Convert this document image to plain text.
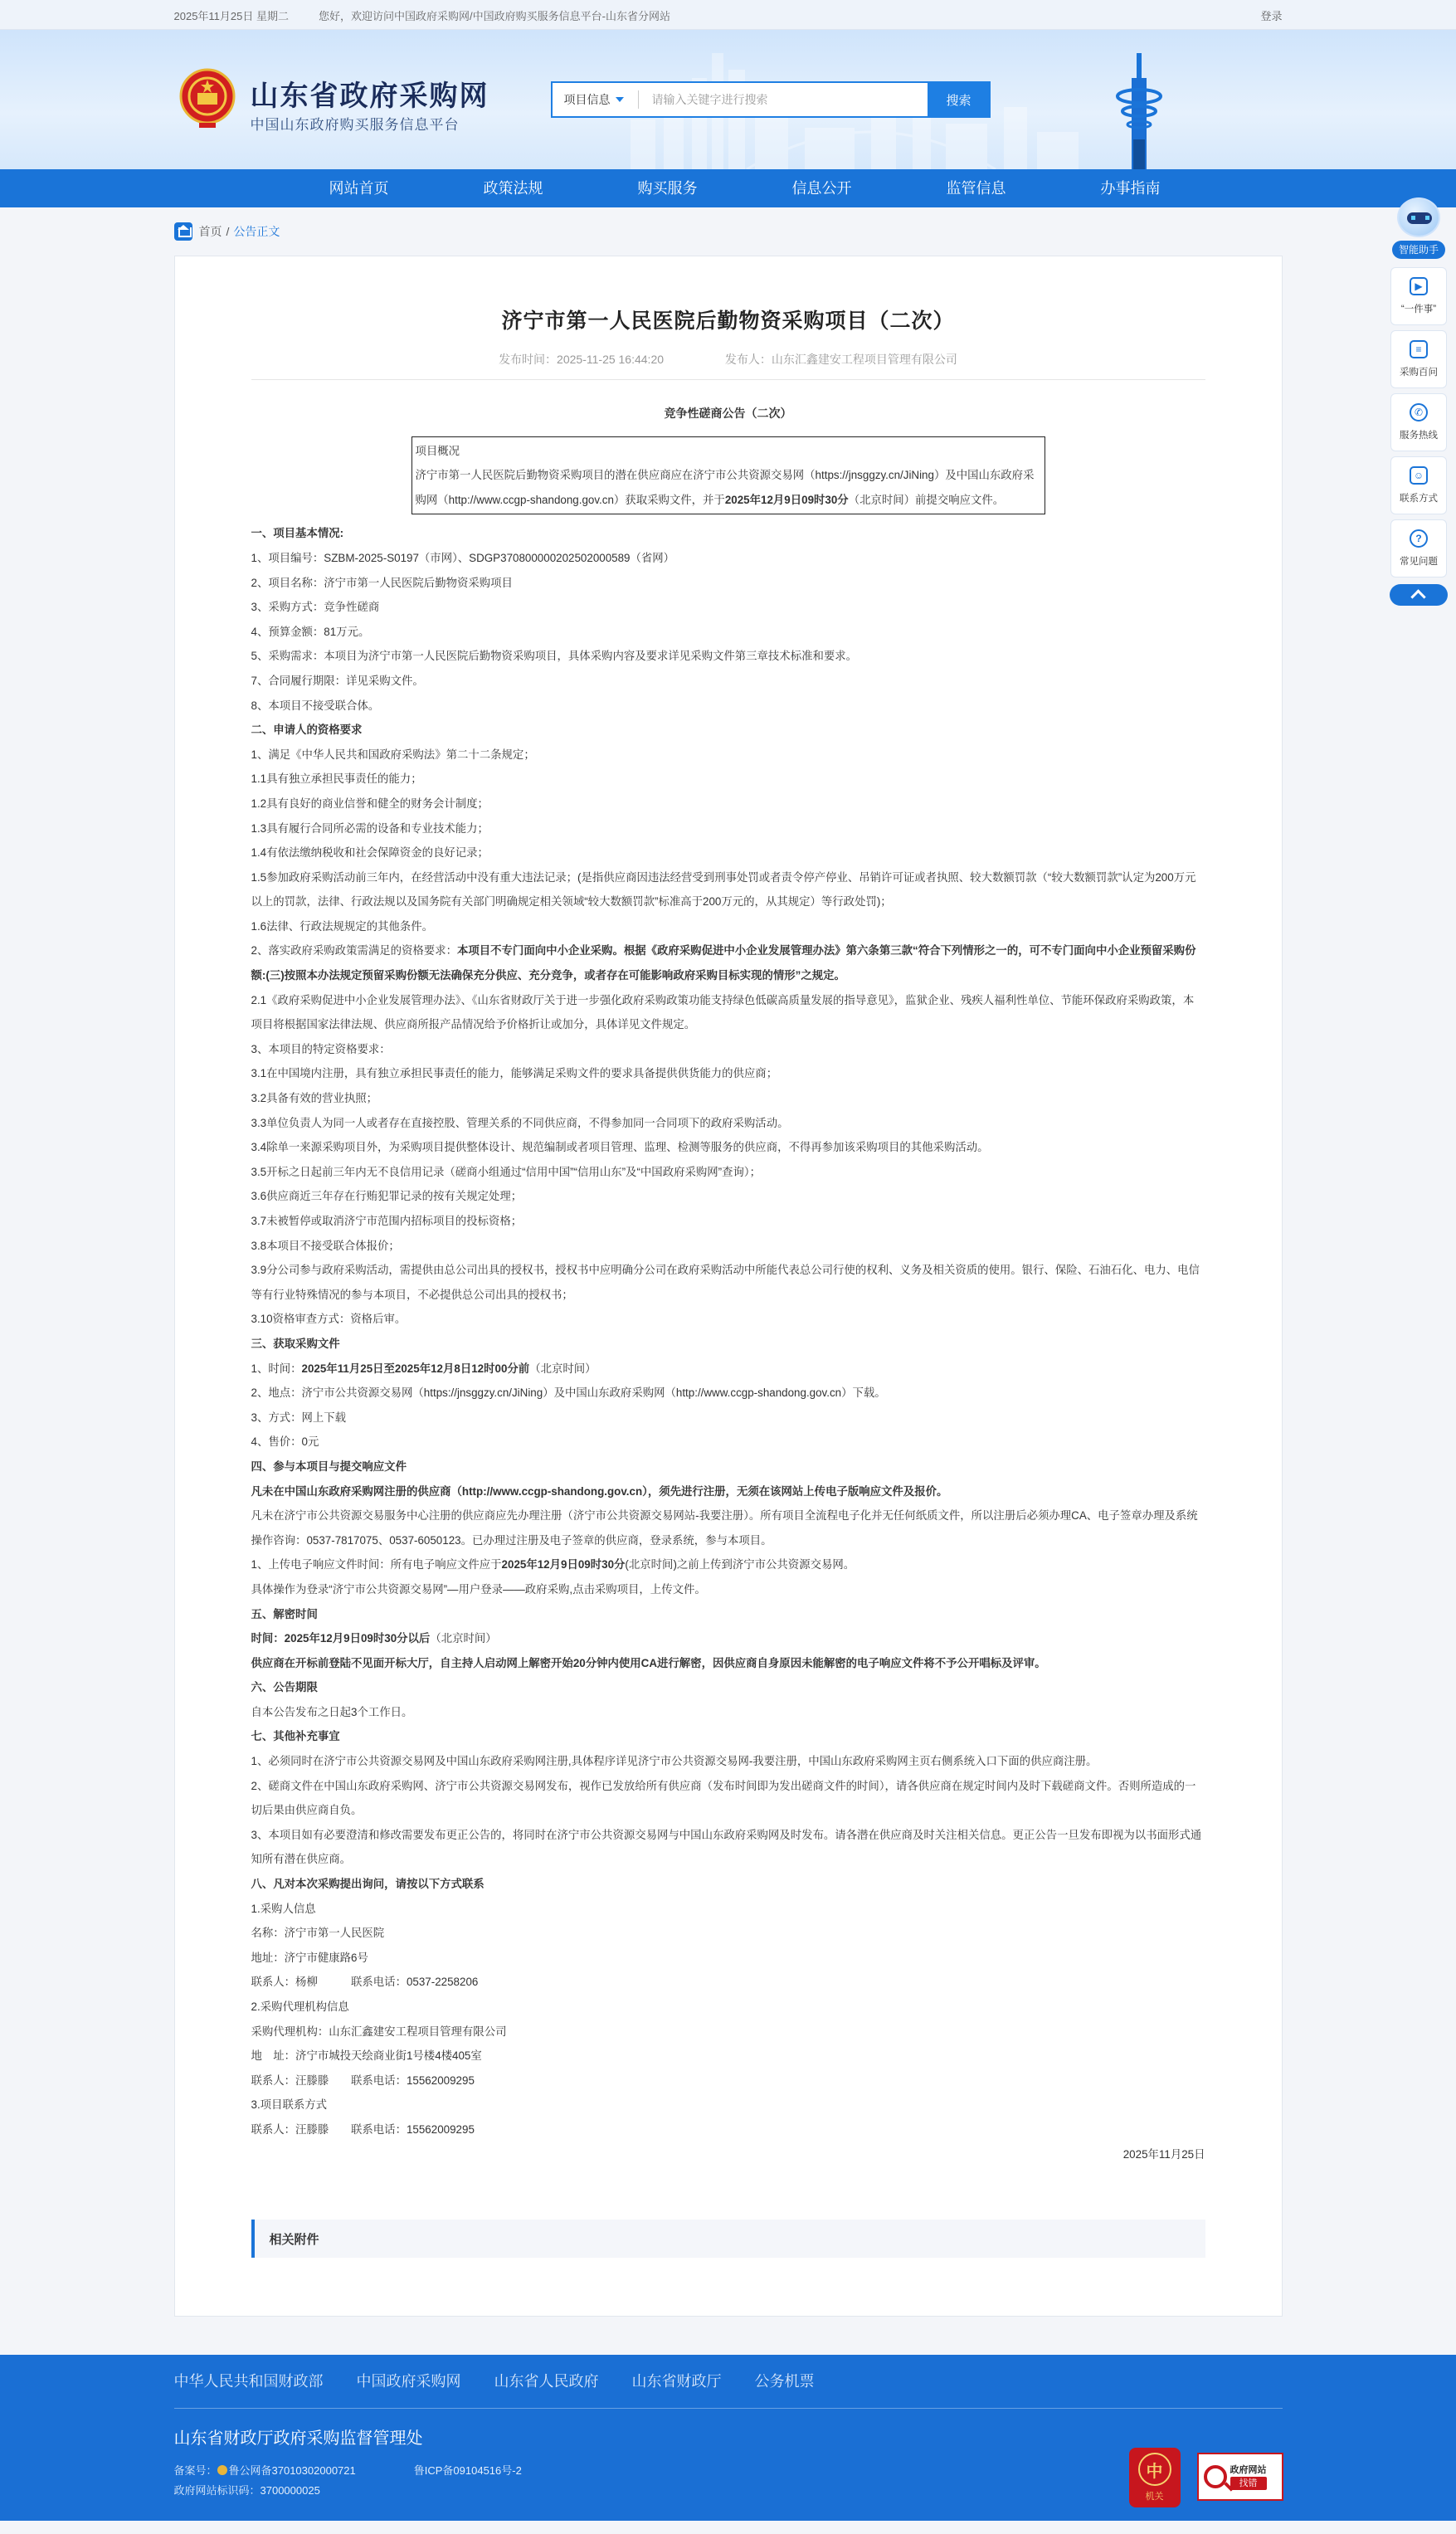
2025年11月25日 星期二	您好，欢迎访问中国政府采购网/中国政府购买服务信息平台-山东省分网站	登录
山东省政府采购网
中国山东政府购买服务信息平台
项目信息
请输入关键字进行搜索	搜索
网站首页	政策法规	购买服务	信息公开	监管信息	办事指南
首页 / 公告正文
济宁市第一人民医院后勤物资采购项目（二次）
发布时间：2025-11-25 16:44:20	发布人：山东汇鑫建安工程项目管理有限公司
竞争性磋商公告（二次）

项目概况

济宁市第一人民医院后勤物资采购项目的潜在供应商应在济宁市公共资源交易网（https://jnsggzy.cn/JiNing）及中国山东政府采购网（http://www.ccgp-shandong.gov.cn）获取采购文件，并于2025年12月9日09时30分（北京时间）前提交响应文件。

一、项目基本情况:

1、项目编号：SZBM-2025-S0197（市网）、SDGP370800000202502000589（省网）

2、项目名称：济宁市第一人民医院后勤物资采购项目

3、采购方式：竞争性磋商

4、预算金额：81万元。

5、采购需求：本项目为济宁市第一人民医院后勤物资采购项目，具体采购内容及要求详见采购文件第三章技术标准和要求。

7、合同履行期限：详见采购文件。

8、本项目不接受联合体。

二、申请人的资格要求

1、满足《中华人民共和国政府采购法》第二十二条规定；

1.1具有独立承担民事责任的能力；

1.2具有良好的商业信誉和健全的财务会计制度；

1.3具有履行合同所必需的设备和专业技术能力；

1.4有依法缴纳税收和社会保障资金的良好记录；

1.5参加政府采购活动前三年内，在经营活动中没有重大违法记录；(是指供应商因违法经营受到刑事处罚或者责令停产停业、吊销许可证或者执照、较大数额罚款（“较大数额罚款”认定为200万元以上的罚款，法律、行政法规以及国务院有关部门明确规定相关领域“较大数额罚款”标准高于200万元的，从其规定）等行政处罚)；

1.6法律、行政法规规定的其他条件。

2、落实政府采购政策需满足的资格要求：本项目不专门面向中小企业采购。根据《政府采购促进中小企业发展管理办法》第六条第三款“符合下列情形之一的，可不专门面向中小企业预留采购份额:(三)按照本办法规定预留采购份额无法确保充分供应、充分竞争，或者存在可能影响政府采购目标实现的情形”之规定。

2.1《政府采购促进中小企业发展管理办法》、《山东省财政厅关于进一步强化政府采购政策功能支持绿色低碳高质量发展的指导意见》，监狱企业、残疾人福利性单位、节能环保政府采购政策，本项目将根据国家法律法规、供应商所报产品情况给予价格折让或加分，具体详见文件规定。

3、本项目的特定资格要求：

3.1在中国境内注册，具有独立承担民事责任的能力，能够满足采购文件的要求具备提供供货能力的供应商；

3.2具备有效的营业执照；

3.3单位负责人为同一人或者存在直接控股、管理关系的不同供应商，不得参加同一合同项下的政府采购活动。

3.4除单一来源采购项目外，为采购项目提供整体设计、规范编制或者项目管理、监理、检测等服务的供应商，不得再参加该采购项目的其他采购活动。

3.5开标之日起前三年内无不良信用记录（磋商小组通过“信用中国”“信用山东”及“中国政府采购网”查询）；

3.6供应商近三年存在行贿犯罪记录的按有关规定处理；

3.7未被暂停或取消济宁市范围内招标项目的投标资格；

3.8本项目不接受联合体报价；

3.9分公司参与政府采购活动，需提供由总公司出具的授权书，授权书中应明确分公司在政府采购活动中所能代表总公司行使的权利、义务及相关资质的使用。银行、保险、石油石化、电力、电信等有行业特殊情况的参与本项目，不必提供总公司出具的授权书；

3.10资格审查方式：资格后审。

三、获取采购文件

1、时间：2025年11月25日至2025年12月8日12时00分前（北京时间）

2、地点：济宁市公共资源交易网（https://jnsggzy.cn/JiNing）及中国山东政府采购网（http://www.ccgp-shandong.gov.cn）下载。

3、方式：网上下载

4、售价：0元

四、参与本项目与提交响应文件

凡未在中国山东政府采购网注册的供应商（http://www.ccgp-shandong.gov.cn），须先进行注册，无须在该网站上传电子版响应文件及报价。

凡未在济宁市公共资源交易服务中心注册的供应商应先办理注册（济宁市公共资源交易网站-我要注册）。所有项目全流程电子化并无任何纸质文件，所以注册后必须办理CA、电子签章办理及系统操作咨询：0537-7817075、0537-6050123。已办理过注册及电子签章的供应商，登录系统，参与本项目。

1、上传电子响应文件时间：所有电子响应文件应于2025年12月9日09时30分(北京时间)之前上传到济宁市公共资源交易网。

具体操作为登录“济宁市公共资源交易网”—用户登录——政府采购,点击采购项目，上传文件。

五、解密时间

时间：2025年12月9日09时30分以后（北京时间）

供应商在开标前登陆不见面开标大厅，自主持人启动网上解密开始20分钟内使用CA进行解密，因供应商自身原因未能解密的电子响应文件将不予公开唱标及评审。

六、公告期限

自本公告发布之日起3个工作日。

七、其他补充事宜

1、必须同时在济宁市公共资源交易网及中国山东政府采购网注册,具体程序详见济宁市公共资源交易网-我要注册，中国山东政府采购网主页右侧系统入口下面的供应商注册。

2、磋商文件在中国山东政府采购网、济宁市公共资源交易网发布，视作已发放给所有供应商（发布时间即为发出磋商文件的时间），请各供应商在规定时间内及时下载磋商文件。否则所造成的一切后果由供应商自负。

3、本项目如有必要澄清和修改需要发布更正公告的，将同时在济宁市公共资源交易网与中国山东政府采购网及时发布。请各潜在供应商及时关注相关信息。更正公告一旦发布即视为以书面形式通知所有潜在供应商。

八、凡对本次采购提出询问，请按以下方式联系

1.采购人信息

名称：济宁市第一人民医院

地址：济宁市健康路6号

联系人：杨柳　　　	联系电话：0537-2258206

2.采购代理机构信息

采购代理机构：山东汇鑫建安工程项目管理有限公司

地　址：济宁市城投天绘商业街1号楼4楼405室

联系人：汪滕滕　　 联系电话：15562009295

3.项目联系方式

联系人：汪滕滕　　 联系电话：15562009295

2025年11月25日

相关附件
智能助手
▶
“一件事”
≡
采购百问
✆
服务热线
☺
联系方式
?
常见问题
中华人民共和国财政部 中国政府采购网 山东省人民政府 山东省财政厅 公务机票
山东省财政厅政府采购监督管理处
备案号： 鲁公网备37010302000721	鲁ICP备09104516号-2
政府网站标识码：3700000025
中
机关
政府网站
找错
